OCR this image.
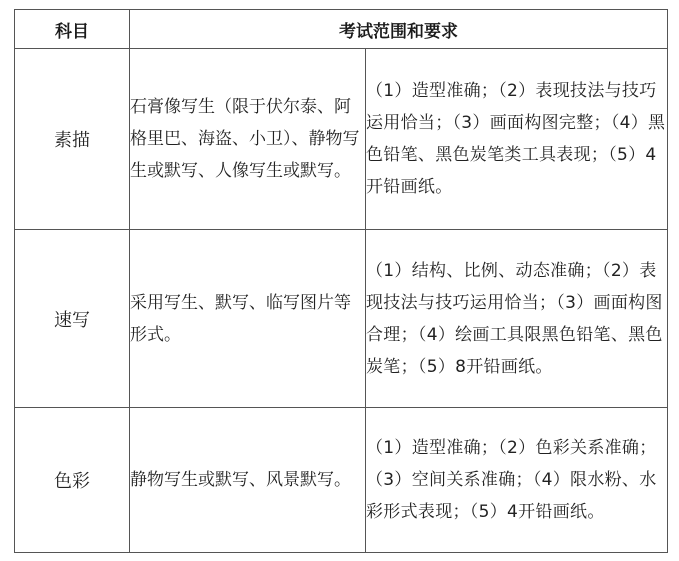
科目	考试范围和要求	
素描	石膏像写生（限于伏尔泰、阿格里巴、海盗、小卫）、静物写生或默写、人像写生或默写。	（1）造型准确；（2）表现技法与技巧运用恰当；（3）画面构图完整；（4）黑色铅笔、黑色炭笔类工具表现；（5）4开铅画纸。
速写	采用写生、默写、临写图片等形式。	（1）结构、比例、动态准确；（2）表现技法与技巧运用恰当；（3）画面构图合理；（4）绘画工具限黑色铅笔、黑色炭笔；（5）8开铅画纸。
色彩	静物写生或默写、风景默写。	（1）造型准确；（2）色彩关系准确；（3）空间关系准确；（4）限水粉、水彩形式表现；（5）4开铅画纸。
